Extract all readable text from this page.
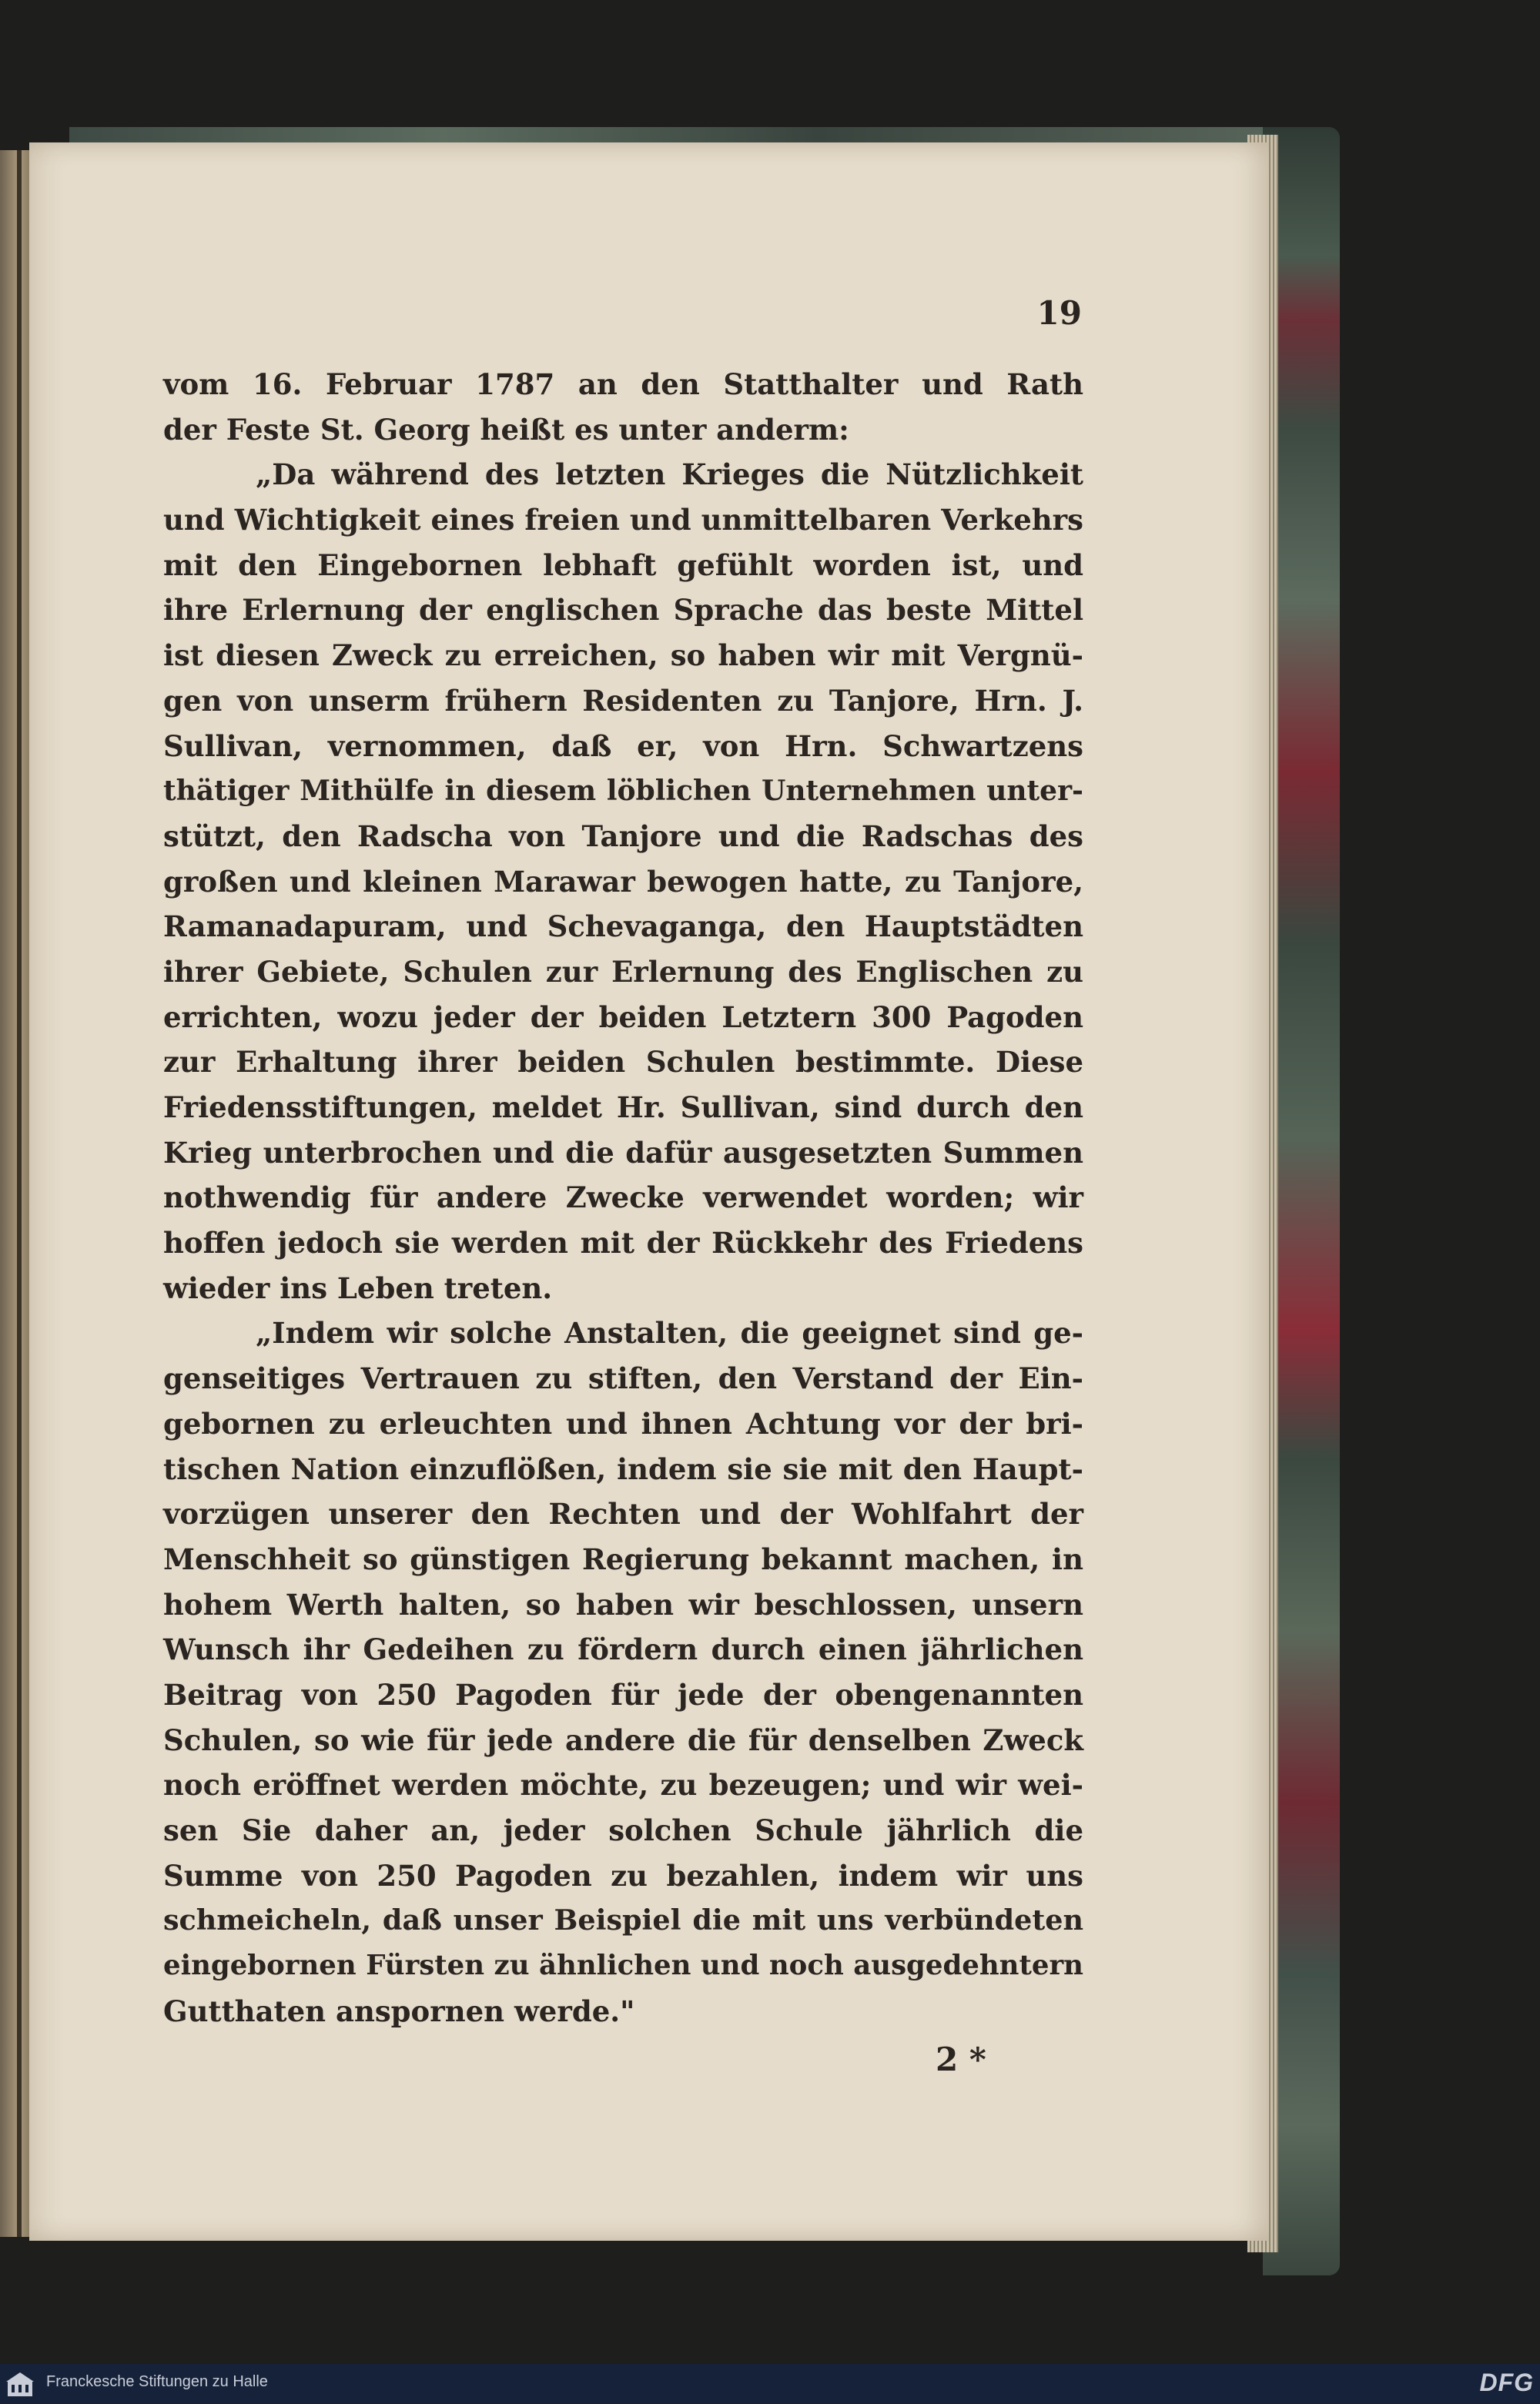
19
vom 16. Februar 1787 an den Statthalter und Rath
der Feste St. Georg heißt es unter anderm:
„Da während des letzten Krieges die Nützlichkeit
und Wichtigkeit eines freien und unmittelbaren Verkehrs
mit den Eingebornen lebhaft gefühlt worden ist, und
ihre Erlernung der englischen Sprache das beste Mittel
ist diesen Zweck zu erreichen, so haben wir mit Vergnü-
gen von unserm frühern Residenten zu Tanjore, Hrn. J.
Sullivan, vernommen, daß er, von Hrn. Schwartzens
thätiger Mithülfe in diesem löblichen Unternehmen unter-
stützt, den Radscha von Tanjore und die Radschas des
großen und kleinen Marawar bewogen hatte, zu Tanjore,
Ramanadapuram, und Schevaganga, den Hauptstädten
ihrer Gebiete, Schulen zur Erlernung des Englischen zu
errichten, wozu jeder der beiden Letztern 300 Pagoden
zur Erhaltung ihrer beiden Schulen bestimmte. Diese
Friedensstiftungen, meldet Hr. Sullivan, sind durch den
Krieg unterbrochen und die dafür ausgesetzten Summen
nothwendig für andere Zwecke verwendet worden; wir
hoffen jedoch sie werden mit der Rückkehr des Friedens
wieder ins Leben treten.
„Indem wir solche Anstalten, die geeignet sind ge-
genseitiges Vertrauen zu stiften, den Verstand der Ein-
gebornen zu erleuchten und ihnen Achtung vor der bri-
tischen Nation einzuflößen, indem sie sie mit den Haupt-
vorzügen unserer den Rechten und der Wohlfahrt der
Menschheit so günstigen Regierung bekannt machen, in
hohem Werth halten, so haben wir beschlossen, unsern
Wunsch ihr Gedeihen zu fördern durch einen jährlichen
Beitrag von 250 Pagoden für jede der obengenannten
Schulen, so wie für jede andere die für denselben Zweck
noch eröffnet werden möchte, zu bezeugen; und wir wei-
sen Sie daher an, jeder solchen Schule jährlich die
Summe von 250 Pagoden zu bezahlen, indem wir uns
schmeicheln, daß unser Beispiel die mit uns verbündeten
eingebornen Fürsten zu ähnlichen und noch ausgedehntern
Gutthaten anspornen werde."
2 *
Franckesche Stiftungen zu Halle	DFG
